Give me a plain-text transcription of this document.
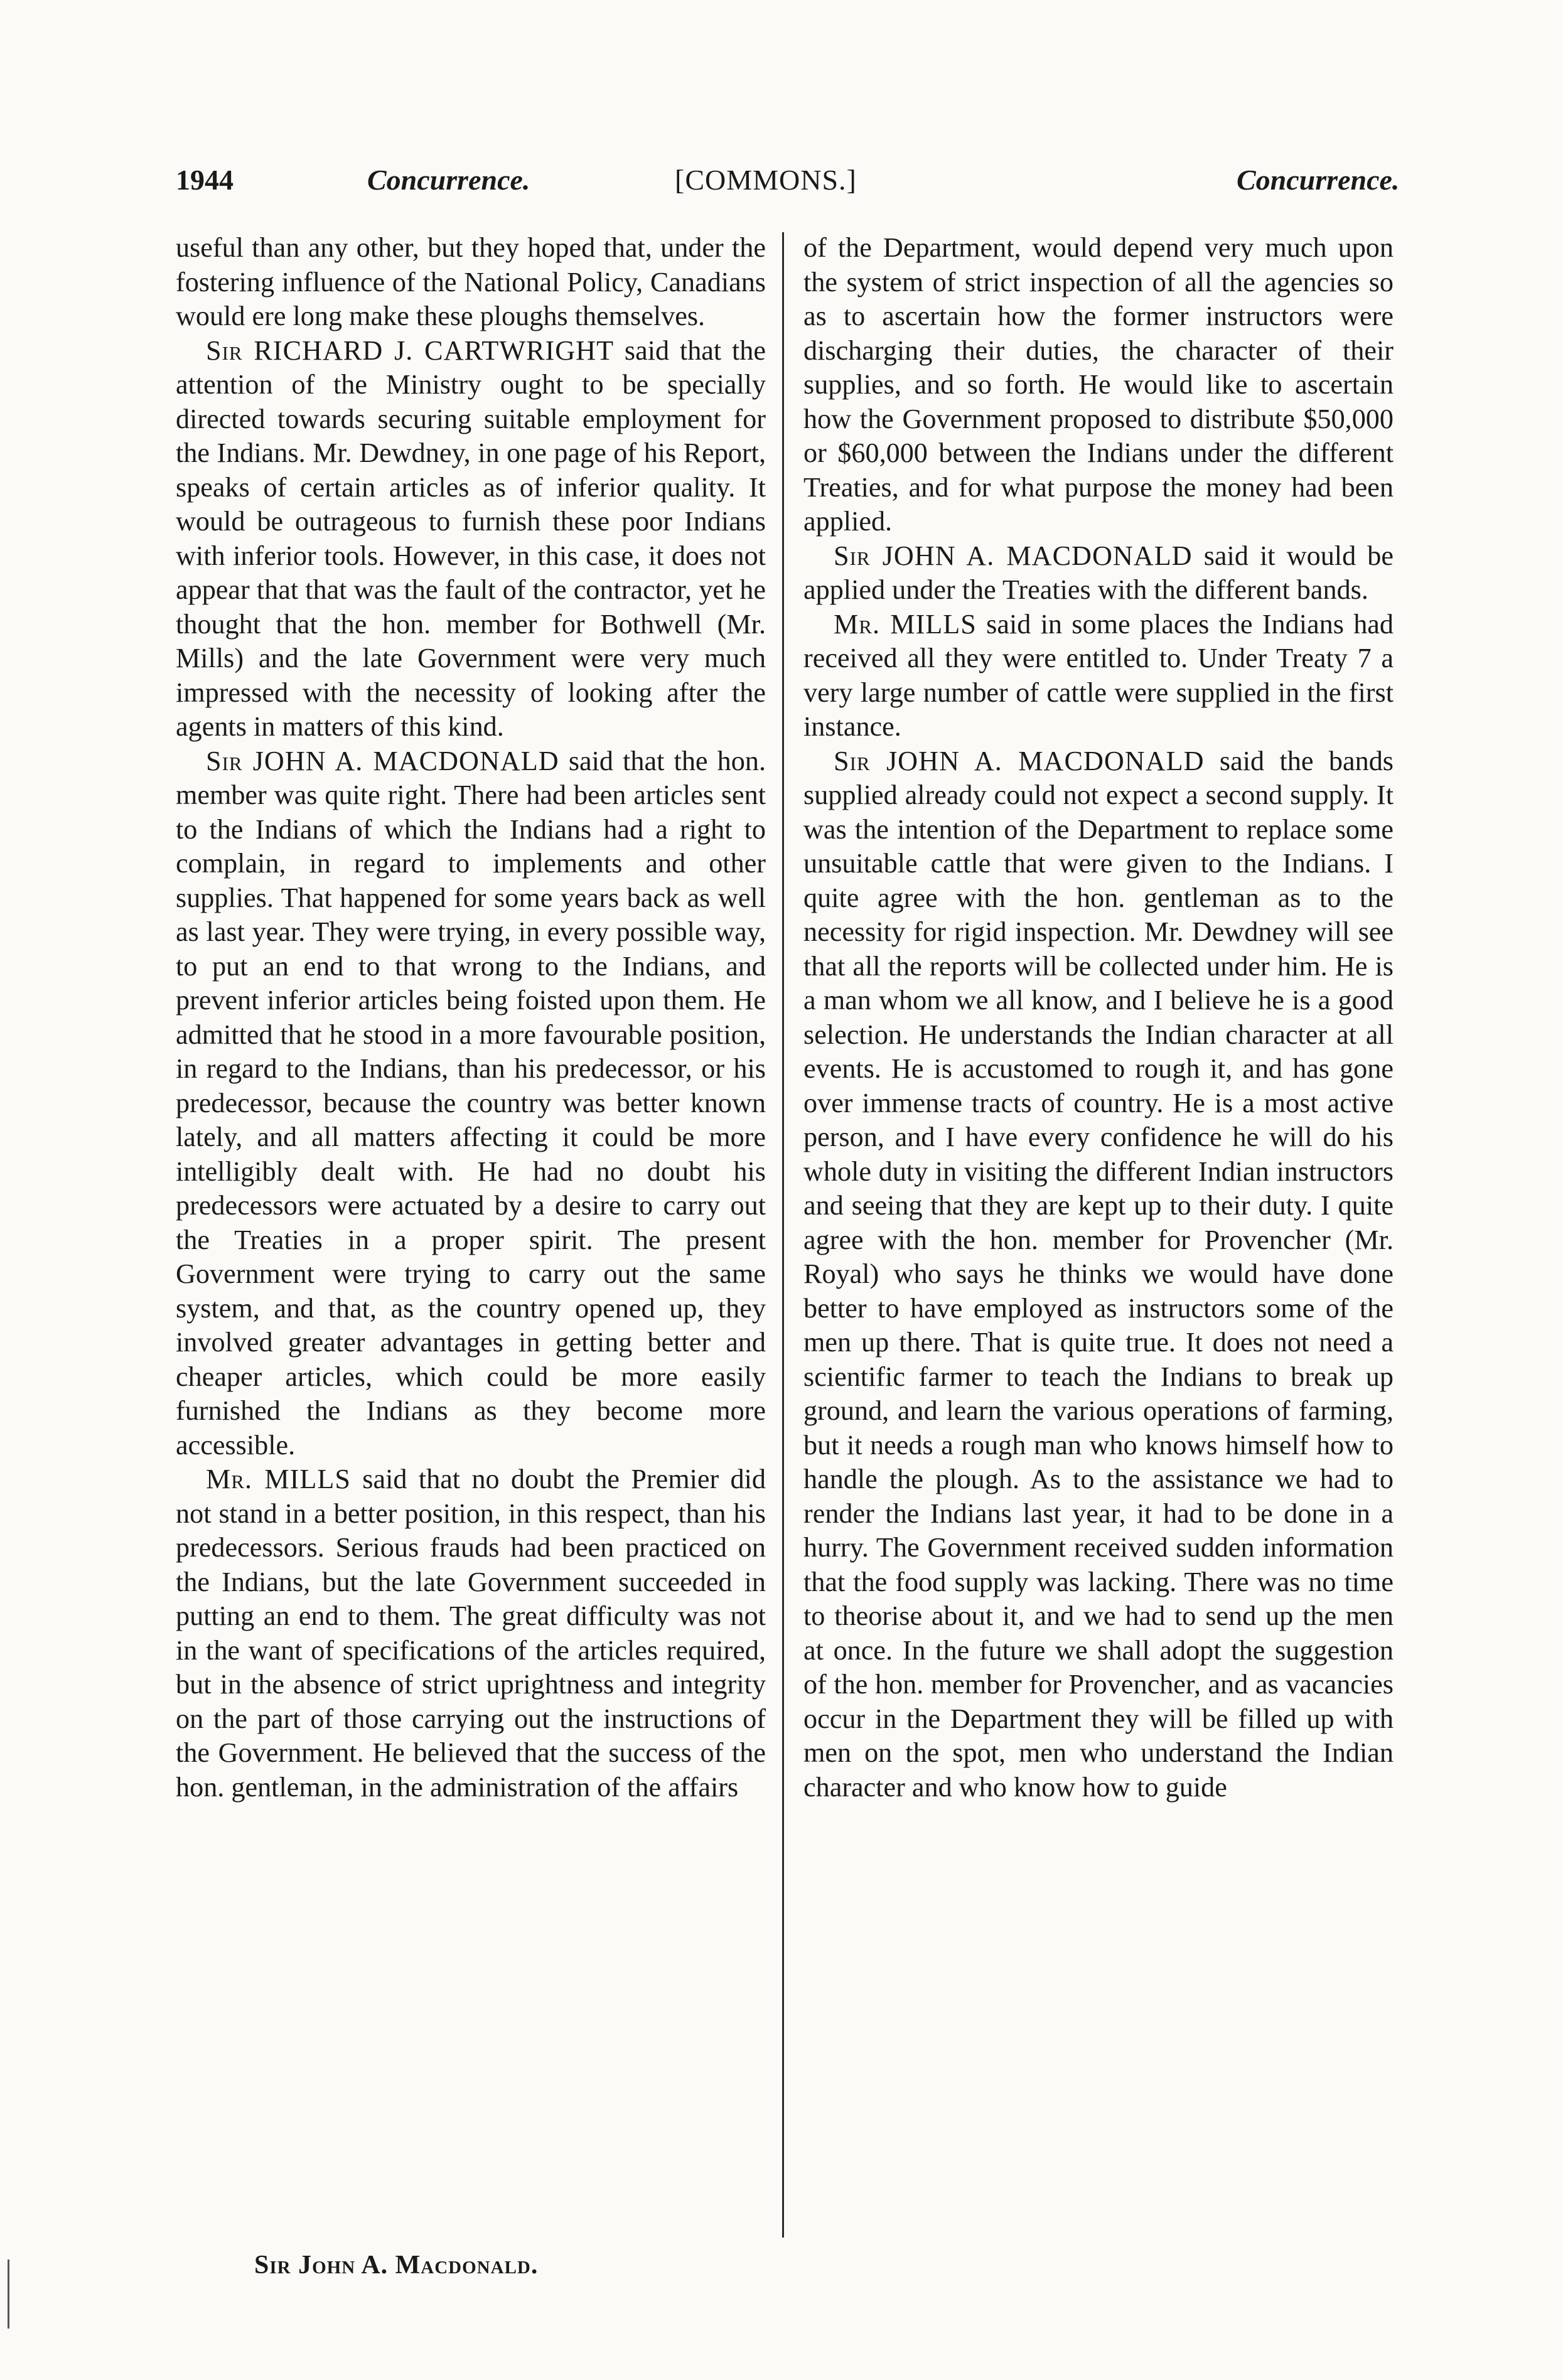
1944	Concurrence.	[COMMONS.]	Concurrence.

useful than any other, but they hoped that, under the fostering influence of the National Policy, Canadians would ere long make these ploughs themselves.

Sir RICHARD J. CARTWRIGHT said that the attention of the Ministry ought to be specially directed towards securing suitable employment for the Indians. Mr. Dewdney, in one page of his Report, speaks of certain articles as of inferior quality. It would be outrageous to furnish these poor Indians with inferior tools. However, in this case, it does not appear that that was the fault of the contractor, yet he thought that the hon. member for Bothwell (Mr. Mills) and the late Government were very much impressed with the necessity of looking after the agents in matters of this kind.

Sir JOHN A. MACDONALD said that the hon. member was quite right. There had been articles sent to the Indians of which the Indians had a right to complain, in regard to implements and other supplies. That happened for some years back as well as last year. They were trying, in every possible way, to put an end to that wrong to the Indians, and prevent inferior articles being foisted upon them. He admitted that he stood in a more favourable position, in regard to the Indians, than his predecessor, or his predecessor, because the country was better known lately, and all matters affecting it could be more intelligibly dealt with. He had no doubt his predecessors were actuated by a desire to carry out the Treaties in a proper spirit. The present Government were trying to carry out the same system, and that, as the country opened up, they involved greater advantages in getting better and cheaper articles, which could be more easily furnished the Indians as they become more accessible.

Mr. MILLS said that no doubt the Premier did not stand in a better position, in this respect, than his predecessors. Serious frauds had been practiced on the Indians, but the late Government succeeded in putting an end to them. The great difficulty was not in the want of specifications of the articles required, but in the absence of strict uprightness and integrity on the part of those carrying out the instructions of the Government. He believed that the success of the hon. gentleman, in the administration of the affairs

of the Department, would depend very much upon the system of strict inspection of all the agencies so as to ascertain how the former instructors were discharging their duties, the character of their supplies, and so forth. He would like to ascertain how the Government proposed to distribute $50,000 or $60,000 between the Indians under the different Treaties, and for what purpose the money had been applied.

Sir JOHN A. MACDONALD said it would be applied under the Treaties with the different bands.

Mr. MILLS said in some places the Indians had received all they were entitled to. Under Treaty 7 a very large number of cattle were supplied in the first instance.

Sir JOHN A. MACDONALD said the bands supplied already could not expect a second supply. It was the intention of the Department to replace some unsuitable cattle that were given to the Indians. I quite agree with the hon. gentleman as to the necessity for rigid inspection. Mr. Dewdney will see that all the reports will be collected under him. He is a man whom we all know, and I believe he is a good selection. He understands the Indian character at all events. He is accustomed to rough it, and has gone over immense tracts of country. He is a most active person, and I have every confidence he will do his whole duty in visiting the different Indian instructors and seeing that they are kept up to their duty. I quite agree with the hon. member for Provencher (Mr. Royal) who says he thinks we would have done better to have employed as instructors some of the men up there. That is quite true. It does not need a scientific farmer to teach the Indians to break up ground, and learn the various operations of farming, but it needs a rough man who knows himself how to handle the plough. As to the assistance we had to render the Indians last year, it had to be done in a hurry. The Government received sudden information that the food supply was lacking. There was no time to theorise about it, and we had to send up the men at once. In the future we shall adopt the suggestion of the hon. member for Provencher, and as vacancies occur in the Department they will be filled up with men on the spot, men who understand the Indian character and who know how to guide

Sir John A. Macdonald.
